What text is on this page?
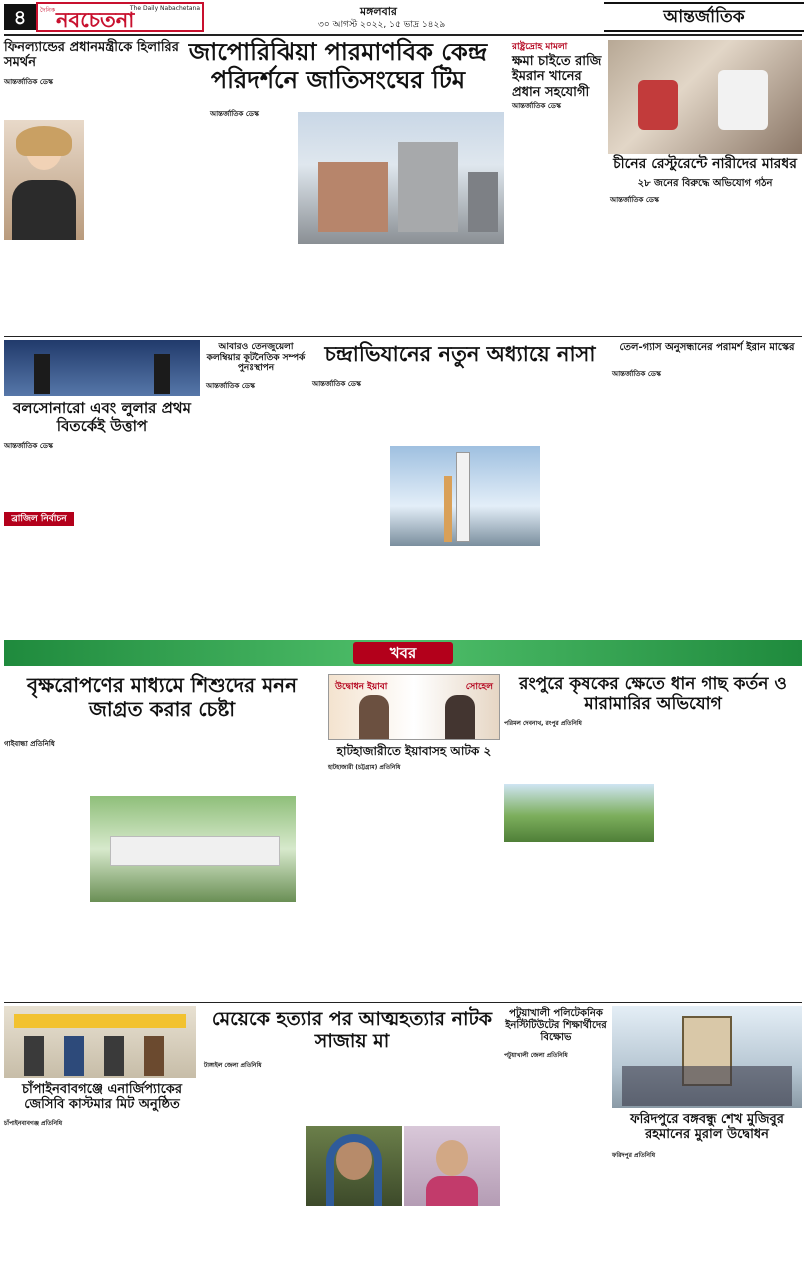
৪	দৈনিক নবচেতনা
The Daily Nabachetana	মঙ্গলবার
৩০ আগস্ট ২০২২, ১৫ ভাদ্র ১৪২৯	আন্তর্জাতিক
ফিনল্যান্ডের প্রধানমন্ত্রীকে হিলারির সমর্থন
আন্তর্জাতিক ডেস্ক

জাপোরিঝিয়া পারমাণবিক কেন্দ্র পরিদর্শনে জাতিসংঘের টিম
আন্তর্জাতিক ডেস্ক

রাষ্ট্রদ্রোহ মামলা
ক্ষমা চাইতে রাজি ইমরান খানের প্রধান সহযোগী
আন্তর্জাতিক ডেস্ক

চীনের রেস্টুরেন্টে নারীদের মারধর
২৮ জনের বিরুদ্ধে অভিযোগ গঠন
আন্তর্জাতিক ডেস্ক

বলসোনারো এবং লুলার প্রথম বিতর্কেই উত্তাপ
আন্তর্জাতিক ডেস্ক

ব্রাজিল নির্বাচন

আবারও তেনজুয়েলা কলম্বিয়ার কূটনৈতিক সম্পর্ক পুনঃস্থাপন
আন্তর্জাতিক ডেস্ক

চন্দ্রাভিযানের নতুন অধ্যায়ে নাসা
আন্তর্জাতিক ডেস্ক

তেল-গ্যাস অনুসন্ধানের পরামর্শ ইরান মাস্কের
আন্তর্জাতিক ডেস্ক

খবর
বৃক্ষরোপণের মাধ্যমে শিশুদের মনন জাগ্রত করার চেষ্টা
গাইবান্ধা প্রতিনিধি

উদ্বোধন ইয়াবা	সোহেল
হাটহাজারীতে ইয়াবাসহ আটক ২
হাটহাজারী (চট্টগ্রাম) প্রতিনিধি

রংপুরে কৃষকের ক্ষেতে ধান গাছ কর্তন ও মারামারির অভিযোগ
পরিমল দেবনাথ, রংপুর প্রতিনিধি

চাঁপাইনবাবগঞ্জে এনার্জিপ্যাকের জেসিবি কাস্টমার মিট অনুষ্ঠিত
চাঁপাইনবাবগঞ্জ প্রতিনিধি

মেয়েকে হত্যার পর আত্মহত্যার নাটক সাজায় মা
টাঙ্গাইল জেলা প্রতিনিধি

পটুয়াখালী পলিটেকনিক ইনস্টিটিউটের শিক্ষার্থীদের বিক্ষোভ
পটুয়াখালী জেলা প্রতিনিধি

ফরিদপুরে বঙ্গবন্ধু শেখ মুজিবুর রহমানের মুরাল উদ্বোধন
ফরিদপুর প্রতিনিধি
